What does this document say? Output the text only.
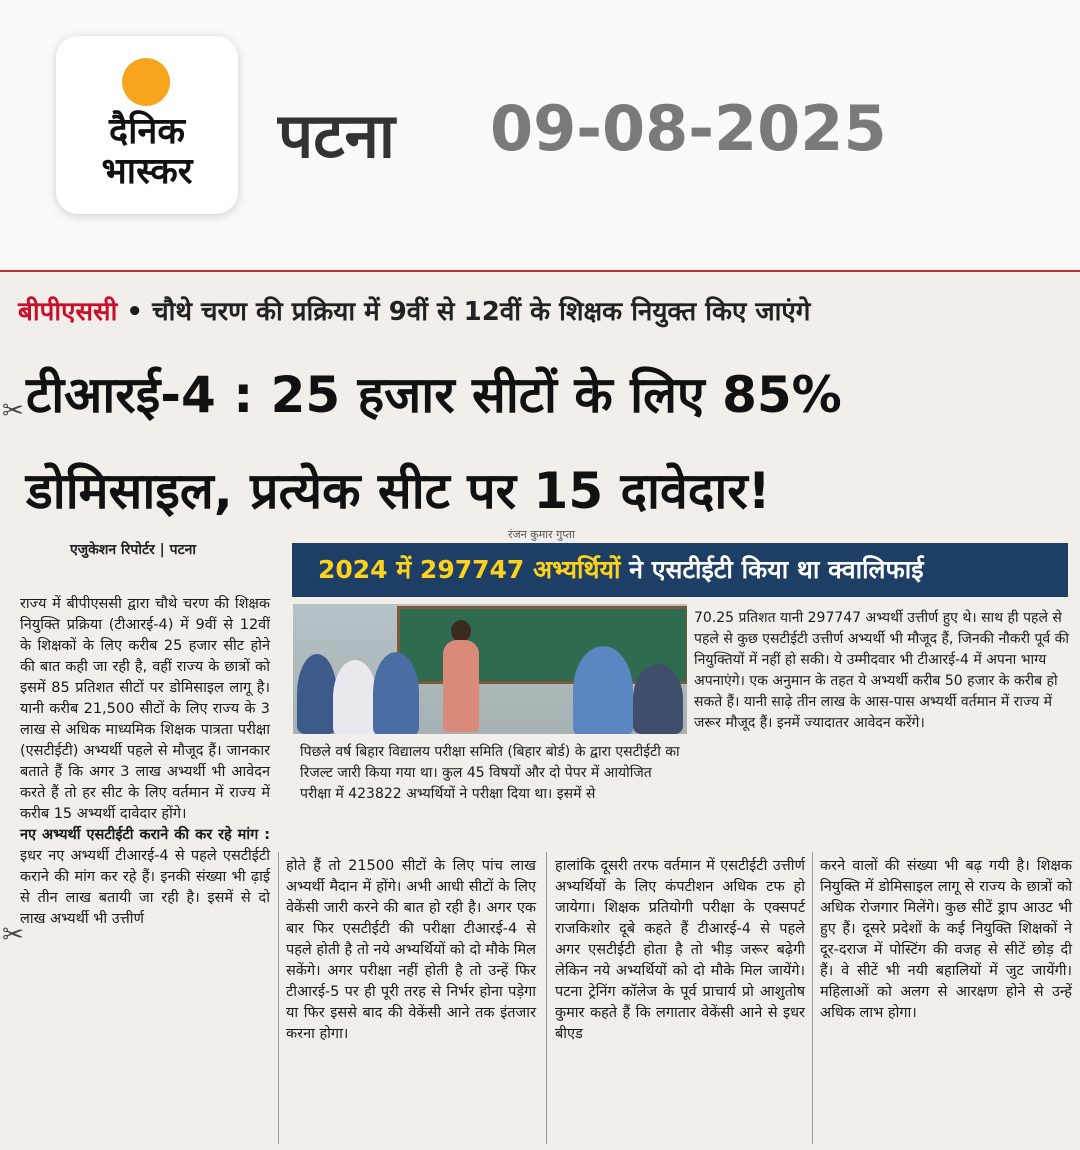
दैनिक
भास्कर	पटना 09-08-2025
बीपीएससी • चौथे चरण की प्रक्रिया में 9वीं से 12वीं के शिक्षक नियुक्त किए जाएंगे
टीआरई-4 : 25 हजार सीटों के लिए 85%
डोमिसाइल, प्रत्येक सीट पर 15 दावेदार!
✂
✂
रंजन कुमार गुप्ता
एजुकेशन रिपोर्टर | पटना
2024 में 297747 अभ्यर्थियों ने एसटीईटी किया था क्वालिफाई
पिछले वर्ष बिहार विद्यालय परीक्षा समिति (बिहार बोर्ड) के द्वारा एसटीईटी का रिजल्ट जारी किया गया था। कुल 45 विषयों और दो पेपर में आयोजित परीक्षा में 423822 अभ्यर्थियों ने परीक्षा दिया था। इसमें से
70.25 प्रतिशत यानी 297747 अभ्यर्थी उत्तीर्ण हुए थे। साथ ही पहले से पहले से कुछ एसटीईटी उत्तीर्ण अभ्यर्थी भी मौजूद हैं, जिनकी नौकरी पूर्व की नियुक्तियों में नहीं हो सकी। ये उम्मीदवार भी टीआरई-4 में अपना भाग्य अपनाएंगे। एक अनुमान के तहत ये अभ्यर्थी करीब 50 हजार के करीब हो सकते हैं। यानी साढ़े तीन लाख के आस-पास अभ्यर्थी वर्तमान में राज्य में जरूर मौजूद हैं। इनमें ज्यादातर आवेदन करेंगे।
राज्य में बीपीएससी द्वारा चौथे चरण की शिक्षक नियुक्ति प्रक्रिया (टीआरई-4) में 9वीं से 12वीं के शिक्षकों के लिए करीब 25 हजार सीट होने की बात कही जा रही है, वहीं राज्य के छात्रों को इसमें 85 प्रतिशत सीटों पर डोमिसाइल लागू है। यानी करीब 21,500 सीटों के लिए राज्य के 3 लाख से अधिक माध्यमिक शिक्षक पात्रता परीक्षा (एसटीईटी) अभ्यर्थी पहले से मौजूद हैं। जानकार बताते हैं कि अगर 3 लाख अभ्यर्थी भी आवेदन करते हैं तो हर सीट के लिए वर्तमान में राज्य में करीब 15 अभ्यर्थी दावेदार होंगे।
नए अभ्यर्थी एसटीईटी कराने की कर रहे मांग : इधर नए अभ्यर्थी टीआरई-4 से पहले एसटीईटी कराने की मांग कर रहे हैं। इनकी संख्या भी ढ़ाई से तीन लाख बतायी जा रही है। इसमें से दो लाख अभ्यर्थी भी उत्तीर्ण
होते हैं तो 21500 सीटों के लिए पांच लाख अभ्यर्थी मैदान में होंगे। अभी आधी सीटों के लिए वेकेंसी जारी करने की बात हो रही है। अगर एक बार फिर एसटीईटी की परीक्षा टीआरई-4 से पहले होती है तो नये अभ्यर्थियों को दो मौके मिल सकेंगे। अगर परीक्षा नहीं होती है तो उन्हें फिर टीआरई-5 पर ही पूरी तरह से निर्भर होना पड़ेगा या फिर इससे बाद की वेकेंसी आने तक इंतजार करना होगा।
हालांकि दूसरी तरफ वर्तमान में एसटीईटी उत्तीर्ण अभ्यर्थियों के लिए कंपटीशन अधिक टफ हो जायेगा। शिक्षक प्रतियोगी परीक्षा के एक्सपर्ट राजकिशोर दूबे कहते हैं टीआरई-4 से पहले अगर एसटीईटी होता है तो भीड़ जरूर बढ़ेगी लेकिन नये अभ्यर्थियों को दो मौके मिल जायेंगे। पटना ट्रेनिंग कॉलेज के पूर्व प्राचार्य प्रो आशुतोष कुमार कहते हैं कि लगातार वेकेंसी आने से इधर बीएड
करने वालों की संख्या भी बढ़ गयी है। शिक्षक नियुक्ति में डोमिसाइल लागू से राज्य के छात्रों को अधिक रोजगार मिलेंगे। कुछ सीटें ड्राप आउट भी हुए हैं। दूसरे प्रदेशों के कई नियुक्ति शिक्षकों ने दूर-दराज में पोस्टिंग की वजह से सीटें छोड़ दी हैं। वे सीटें भी नयी बहालियों में जुट जायेंगी। महिलाओं को अलग से आरक्षण होने से उन्हें अधिक लाभ होगा।
